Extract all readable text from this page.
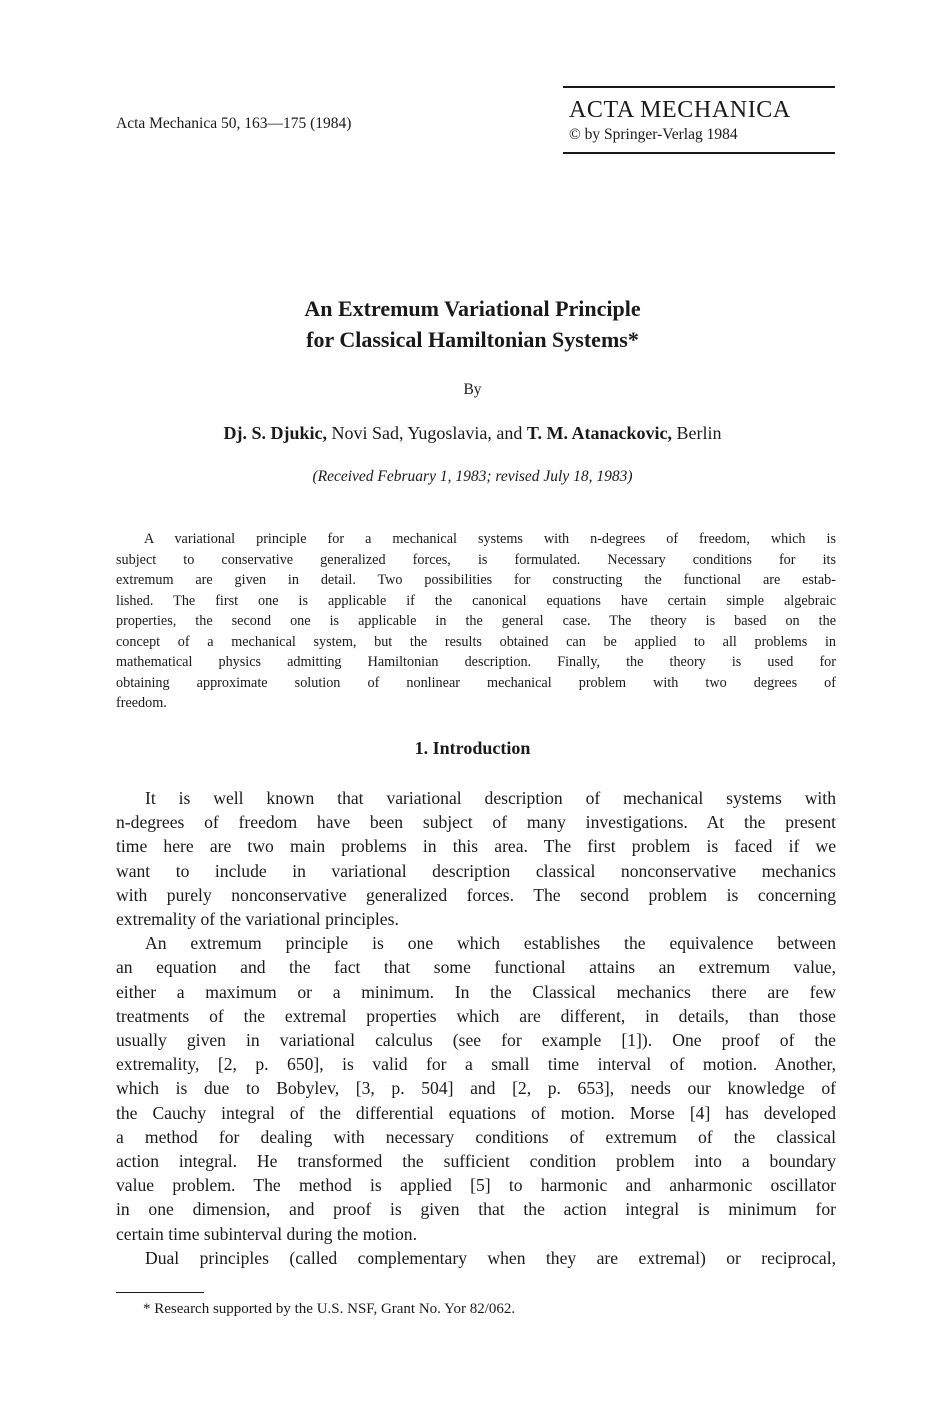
Acta Mechanica 50, 163—175 (1984)
ACTA MECHANICA
© by Springer-Verlag 1984
An Extremum Variational Principle
for Classical Hamiltonian Systems*
By
Dj. S. Djukic, Novi Sad, Yugoslavia, and T. M. Atanackovic, Berlin
(Received February 1, 1983; revised July 18, 1983)
A variational principle for a mechanical systems with n-degrees of freedom, which is
subject to conservative generalized forces, is formulated. Necessary conditions for its
extremum are given in detail. Two possibilities for constructing the functional are estab-
lished. The first one is applicable if the canonical equations have certain simple algebraic
properties, the second one is applicable in the general case. The theory is based on the
concept of a mechanical system, but the results obtained can be applied to all problems in
mathematical physics admitting Hamiltonian description. Finally, the theory is used for
obtaining approximate solution of nonlinear mechanical problem with two degrees of
freedom.
1. Introduction
It is well known that variational description of mechanical systems with
n-degrees of freedom have been subject of many investigations. At the present
time here are two main problems in this area. The first problem is faced if we
want to include in variational description classical nonconservative mechanics
with purely nonconservative generalized forces. The second problem is concerning
extremality of the variational principles.
An extremum principle is one which establishes the equivalence between
an equation and the fact that some functional attains an extremum value,
either a maximum or a minimum. In the Classical mechanics there are few
treatments of the extremal properties which are different, in details, than those
usually given in variational calculus (see for example [1]). One proof of the
extremality, [2, p. 650], is valid for a small time interval of motion. Another,
which is due to Bobylev, [3, p. 504] and [2, p. 653], needs our knowledge of
the Cauchy integral of the differential equations of motion. Morse [4] has developed
a method for dealing with necessary conditions of extremum of the classical
action integral. He transformed the sufficient condition problem into a boundary
value problem. The method is applied [5] to harmonic and anharmonic oscillator
in one dimension, and proof is given that the action integral is minimum for
certain time subinterval during the motion.
Dual principles (called complementary when they are extremal) or reciprocal,
* Research supported by the U.S. NSF, Grant No. Yor 82/062.
